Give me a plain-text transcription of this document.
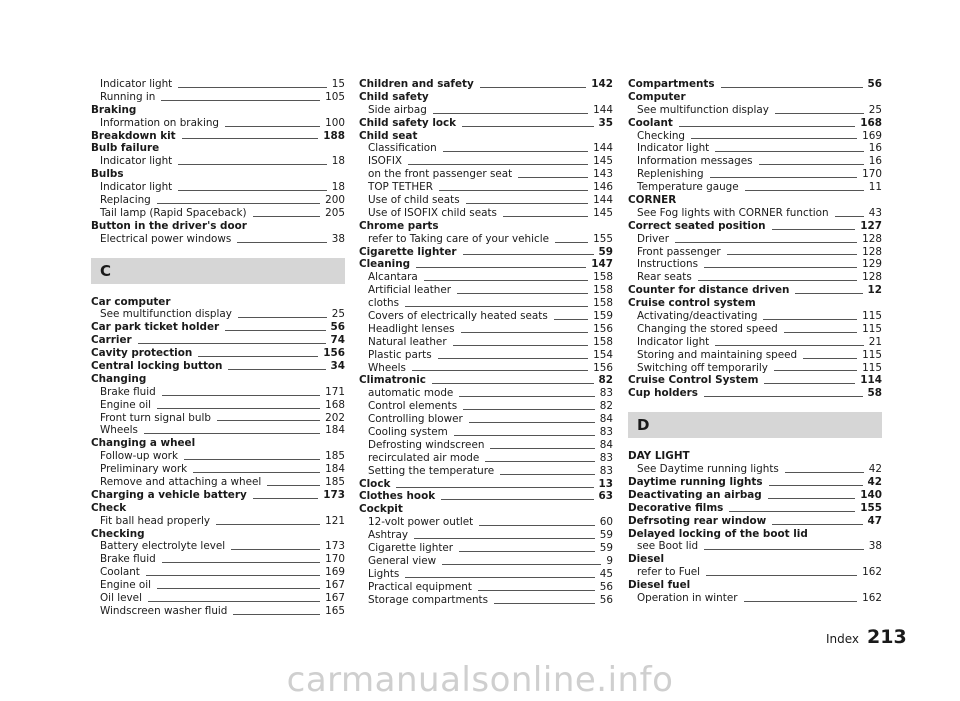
Indicator light	15
Running in	105
Braking
Information on braking	100
Breakdown kit	188
Bulb failure
Indicator light	18
Bulbs
Indicator light	18
Replacing	200
Tail lamp (Rapid Spaceback)	205
Button in the driver's door
Electrical power windows	38
C
Car computer
See multifunction display	25
Car park ticket holder	56
Carrier	74
Cavity protection	156
Central locking button	34
Changing
Brake fluid	171
Engine oil	168
Front turn signal bulb	202
Wheels	184
Changing a wheel
Follow-up work	185
Preliminary work	184
Remove and attaching a wheel	185
Charging a vehicle battery	173
Check
Fit ball head properly	121
Checking
Battery electrolyte level	173
Brake fluid	170
Coolant	169
Engine oil	167
Oil level	167
Windscreen washer fluid	165
Children and safety	142
Child safety
Side airbag	144
Child safety lock	35
Child seat
Classification	144
ISOFIX	145
on the front passenger seat	143
TOP TETHER	146
Use of child seats	144
Use of ISOFIX child seats	145
Chrome parts
refer to Taking care of your vehicle	155
Cigarette lighter	59
Cleaning	147
Alcantara	158
Artificial leather	158
cloths	158
Covers of electrically heated seats	159
Headlight lenses	156
Natural leather	158
Plastic parts	154
Wheels	156
Climatronic	82
automatic mode	83
Control elements	82
Controlling blower	84
Cooling system	83
Defrosting windscreen	84
recirculated air mode	83
Setting the temperature	83
Clock	13
Clothes hook	63
Cockpit
12-volt power outlet	60
Ashtray	59
Cigarette lighter	59
General view	9
Lights	45
Practical equipment	56
Storage compartments	56
Compartments	56
Computer
See multifunction display	25
Coolant	168
Checking	169
Indicator light	16
Information messages	16
Replenishing	170
Temperature gauge	11
CORNER
See Fog lights with CORNER function	43
Correct seated position	127
Driver	128
Front passenger	128
Instructions	129
Rear seats	128
Counter for distance driven	12
Cruise control system
Activating/deactivating	115
Changing the stored speed	115
Indicator light	21
Storing and maintaining speed	115
Switching off temporarily	115
Cruise Control System	114
Cup holders	58
D
DAY LIGHT
See Daytime running lights	42
Daytime running lights	42
Deactivating an airbag	140
Decorative films	155
Defrsoting rear window	47
Delayed locking of the boot lid
see Boot lid	38
Diesel
refer to Fuel	162
Diesel fuel
Operation in winter	162
Index 213
carmanualsonline.info
